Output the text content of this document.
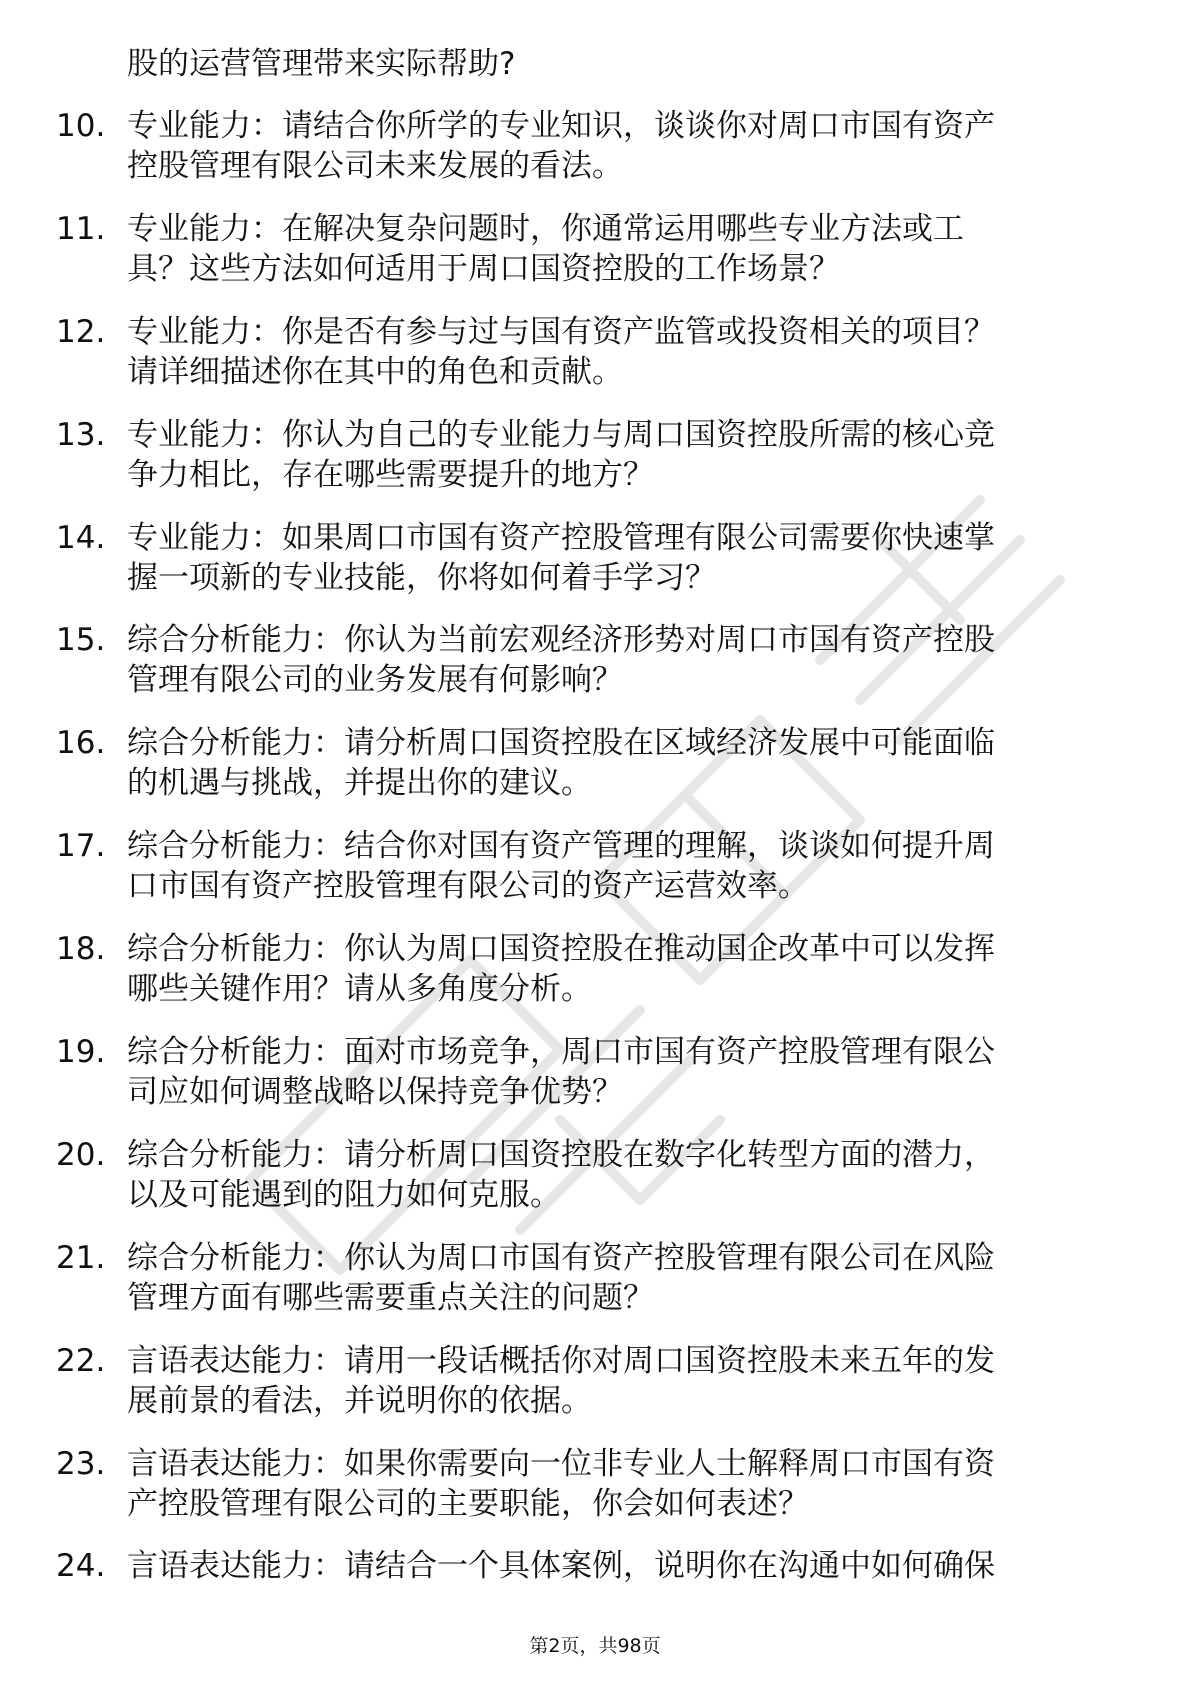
股的运营管理带来实际帮助?
10. 专业能力：请结合你所学的专业知识，谈谈你对周口市国有资产
控股管理有限公司未来发展的看法。
11. 专业能力：在解决复杂问题时，你通常运用哪些专业方法或工
具？这些方法如何适用于周口国资控股的工作场景？
12. 专业能力：你是否有参与过与国有资产监管或投资相关的项目？
请详细描述你在其中的角色和贡献。
13. 专业能力：你认为自己的专业能力与周口国资控股所需的核心竞
争力相比，存在哪些需要提升的地方？
14. 专业能力：如果周口市国有资产控股管理有限公司需要你快速掌
握一项新的专业技能，你将如何着手学习？
15. 综合分析能力：你认为当前宏观经济形势对周口市国有资产控股
管理有限公司的业务发展有何影响？
16. 综合分析能力：请分析周口国资控股在区域经济发展中可能面临
的机遇与挑战，并提出你的建议。
17. 综合分析能力：结合你对国有资产管理的理解，谈谈如何提升周
口市国有资产控股管理有限公司的资产运营效率。
18. 综合分析能力：你认为周口国资控股在推动国企改革中可以发挥
哪些关键作用？请从多角度分析。
19. 综合分析能力：面对市场竞争，周口市国有资产控股管理有限公
司应如何调整战略以保持竞争优势？
20. 综合分析能力：请分析周口国资控股在数字化转型方面的潜力，
以及可能遇到的阻力如何克服。
21. 综合分析能力：你认为周口市国有资产控股管理有限公司在风险
管理方面有哪些需要重点关注的问题？
22. 言语表达能力：请用一段话概括你对周口国资控股未来五年的发
展前景的看法，并说明你的依据。
23. 言语表达能力：如果你需要向一位非专业人士解释周口市国有资
产控股管理有限公司的主要职能，你会如何表述？
24. 言语表达能力：请结合一个具体案例，说明你在沟通中如何确保
第2页，共98页
